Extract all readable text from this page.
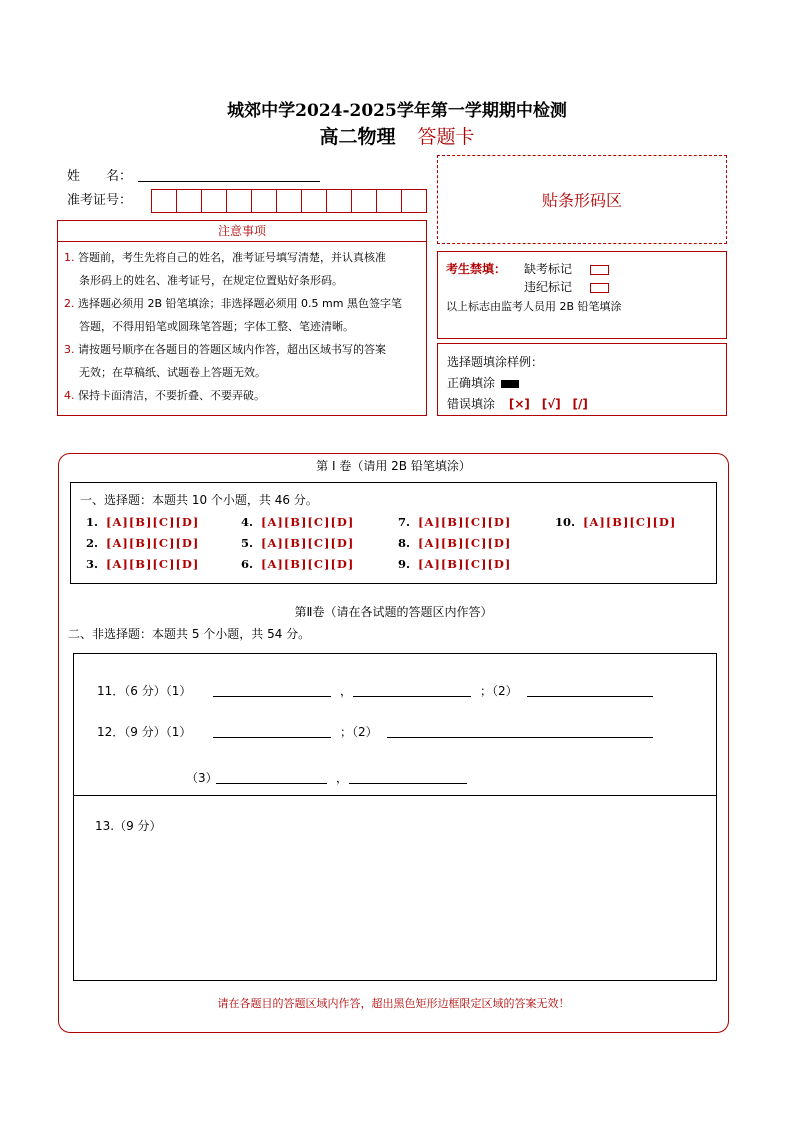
城郊中学2024-2025学年第一学期期中检测
高二物理 答题卡
姓　　名：
准考证号：	贴条形码区
注意事项

1. 答题前，考生先将自己的姓名，准考证号填写清楚，并认真核准

条形码上的姓名、准考证号，在规定位置贴好条形码。

2. 选择题必须用 2B 铅笔填涂；非选择题必须用 0.5 mm 黑色签字笔

答题，不得用铅笔或圆珠笔答题；字体工整、笔迹清晰。

3. 请按题号顺序在各题目的答题区域内作答，超出区域书写的答案

无效；在草稿纸、试题卷上答题无效。

4. 保持卡面清洁，不要折叠、不要弄破。

考生禁填： 缺考标记
违纪标记
以上标志由监考人员用 2B 铅笔填涂
选择题填涂样例：
正确填涂
错误填涂 [×] [√] [/]
第 I 卷（请用 2B 铅笔填涂）
一、选择题：本题共 10 个小题，共 46 分。
1. [A][B][C][D]
2. [A][B][C][D]
3. [A][B][C][D]
4. [A][B][C][D]
5. [A][B][C][D]
6. [A][B][C][D]
7. [A][B][C][D]
8. [A][B][C][D]
9. [A][B][C][D]
10. [A][B][C][D]
第Ⅱ卷（请在各试题的答题区内作答）
二、非选择题：本题共 5 个小题，共 54 分。
11．（6 分）（1）	，	；（2）
12．（9 分）（1）	；（2）
（3）	，
13.（9 分）
请在各题目的答题区域内作答，超出黑色矩形边框限定区域的答案无效！
